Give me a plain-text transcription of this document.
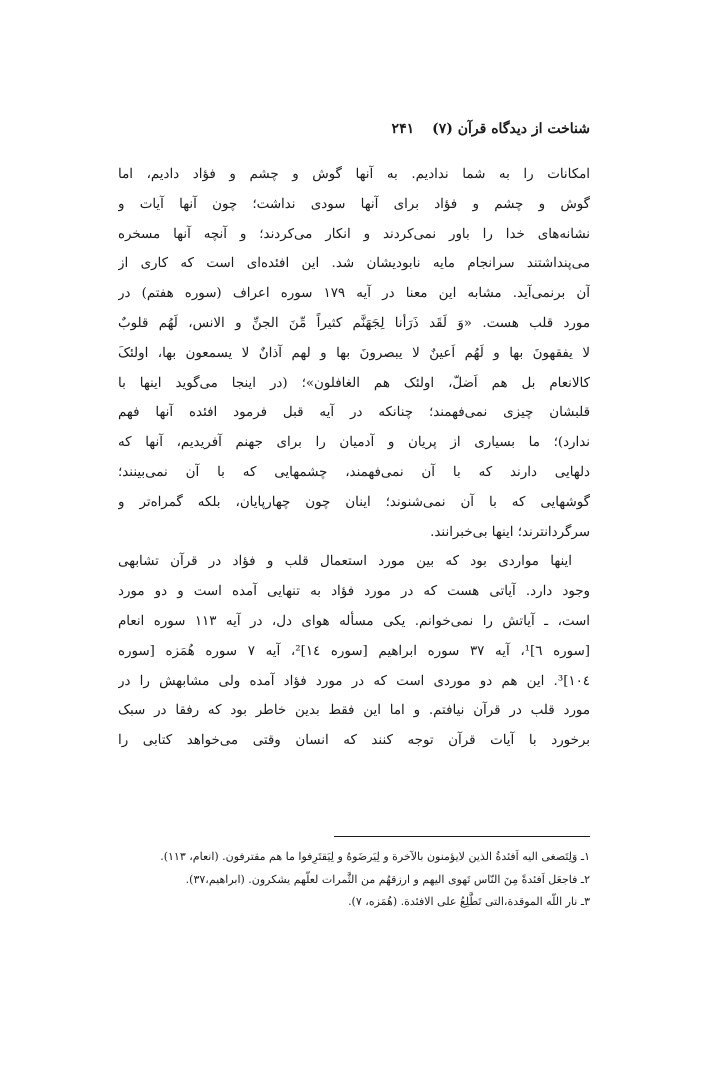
شناخت از دیدگاه قرآن (۷)۲۴۱
امکانات را به شما ندادیم. به آنها گوش و چشم و فؤاد دادیم، اما
گوش و چشم و فؤاد برای آنها سودی نداشت؛ چون آنها آیات و
نشانه‌های خدا را باور نمی‌کردند و انکار می‌کردند؛ و آنچه آنها مسخره
می‌پنداشتند سرانجام مایه نابودیشان شد. این افئده‌ای است که کاری از
آن برنمی‌آید. مشابه این معنا در آیه ۱۷۹ سوره اعراف (سوره هفتم) در
مورد قلب هست. «وَ لَقَد ذَرَأنا لِجَهَنَّم کثیراً مِّنَ الجنِّ و الانس، لَهُم قلوبٌ
لا یفقهونَ بها و لَهُم اَعینٌ لا یبصرونَ بها و لهم آذانٌ لا یسمعون بها، اولئکَ
کالانعام بل هم اَضلّ، اولئک هم الغافلون»؛ (در اینجا می‌گوید اینها با
قلبشان چیزی نمی‌فهمند؛ چنانکه در آیه قبل فرمود افئده آنها فهم
ندارد)؛ ما بسیاری از پریان و آدمیان را برای جهنم آفریدیم، آنها که
دلهایی دارند که با آن نمی‌فهمند، چشمهایی که با آن نمی‌بینند؛
گوشهایی که با آن نمی‌شنوند؛ اینان چون چهارپایان، بلکه گمراه‌تر و
سرگردانترند؛ اینها بی‌خبرانند.
اینها مواردی بود که بین مورد استعمال قلب و فؤاد در قرآن تشابهی
وجود دارد. آیاتی هست که در مورد فؤاد به تنهایی آمده است و دو مورد
است، ـ آیاتش را نمی‌خوانم. یکی مسأله هوای دل، در آیه ۱۱۳ سوره انعام
[سوره ٦]¹، آیه ۳۷ سوره ابراهیم [سوره ١٤]²، آیه ۷ سوره هُمَزه [سوره
١٠٤]³. این هم دو موردی است که در مورد فؤاد آمده ولی مشابهش را در
مورد قلب در قرآن نیافتم. و اما این فقط بدین خاطر بود که رفقا در سبک
برخورد با آیات قرآن توجه کنند که انسان وقتی می‌خواهد کتابی را
۱ـ وَلِتَصغی الیه اَفئدةُ الذین لایؤمنون بالآخرة و لِیَرضَوهُ و لِیَقتَرِفوا ما هم مقترفون. (انعام، ۱۱۳).
۲ـ فاجعَل اَفئدةً مِنَ النّاس تَهوی الیهم و ارزقهُم من الثَّمرات لعلّهم یشکرون. (ابراهیم،۳۷).
۳ـ نار اللّه الموقدة،التی تَطَّلِعُ علی الافئدة. (هُمَزه، ۷).
